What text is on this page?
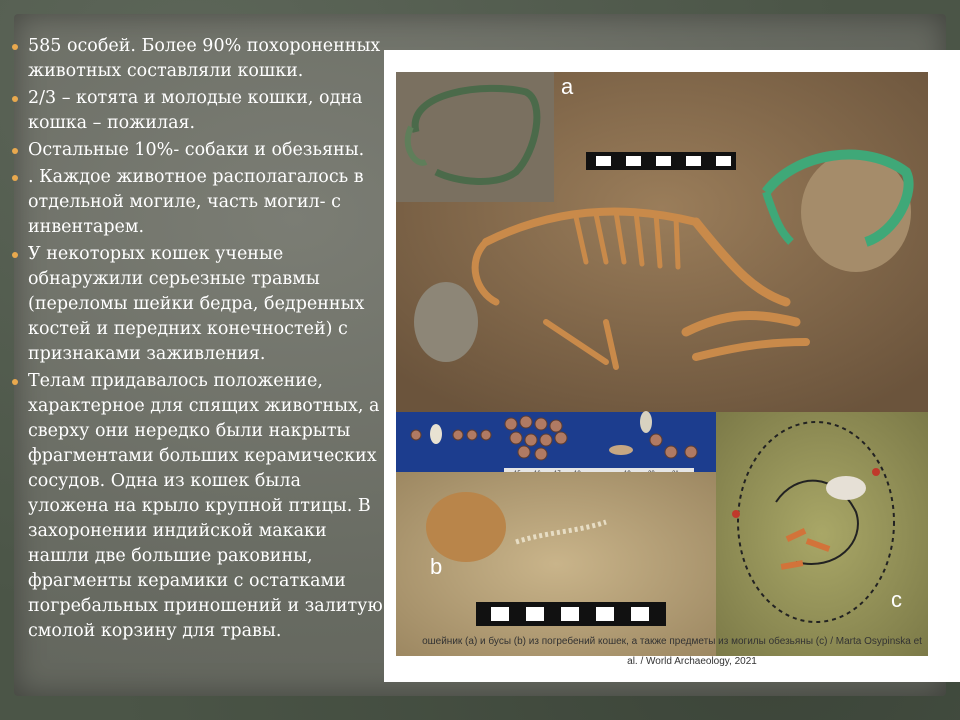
585 особей. Более 90% похороненных животных составляли кошки.
2/3 – котята и молодые кошки, одна кошка – пожилая.
Остальные 10%- собаки и обезьяны.
. Каждое животное располагалось в отдельной могиле, часть могил- с инвентарем.
У некоторых кошек ученые обнаружили серьезные травмы (переломы шейки бедра, бедренных костей и передних конечностей) с признаками заживления.
Телам придавалось положение, характерное для спящих животных, а сверху они нередко были накрыты фрагментами больших керамических сосудов. Одна из кошек была уложена на крыло крупной птицы. В захоронении индийской макаки нашли две большие раковины, фрагменты керамики с остатками погребальных приношений и залитую смолой корзину для травы.
a
b
c
ошейник (a) и бусы (b) из погребений кошек, а также предметы из могилы обезьяны (c) / Marta Osypinska et
al. / World Archaeology, 2021
